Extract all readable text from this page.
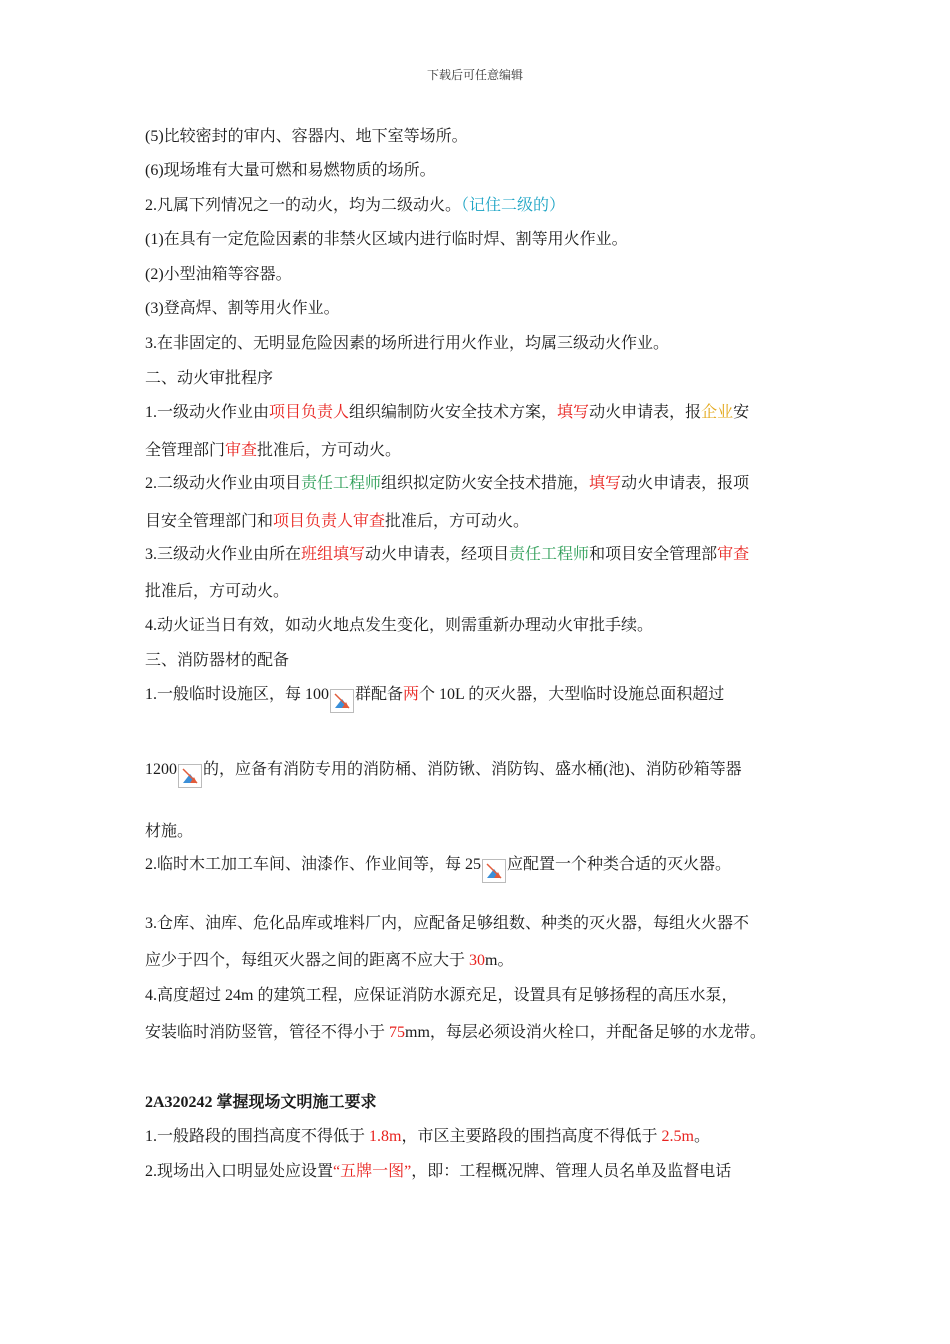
下载后可任意编辑
(5)比较密封的审内、容器内、地下室等场所。
(6)现场堆有大量可燃和易燃物质的场所。
2.凡属下列情况之一的动火，均为二级动火。（记住二级的）
(1)在具有一定危险因素的非禁火区域内进行临时焊、割等用火作业。
(2)小型油箱等容器。
(3)登高焊、割等用火作业。
3.在非固定的、无明显危险因素的场所进行用火作业，均属三级动火作业。
二、动火审批程序
1.一级动火作业由项目负责人组织编制防火安全技术方案，填写动火申请表，报企业安
全管理部门审查批准后，方可动火。
2.二级动火作业由项目责任工程师组织拟定防火安全技术措施，填写动火申请表，报项
目安全管理部门和项目负责人审查批准后，方可动火。
3.三级动火作业由所在班组填写动火申请表，经项目责任工程师和项目安全管理部审查
批准后，方可动火。
4.动火证当日有效，如动火地点发生变化，则需重新办理动火审批手续。
三、消防器材的配备
1.一般临时设施区，每 100 群配备两个 10L 的灭火器，大型临时设施总面积超过
1200 的，应备有消防专用的消防桶、消防锹、消防钩、盛水桶(池)、消防砂箱等器
材施。
2.临时木工加工车间、油漆作、作业间等，每 25 应配置一个种类合适的灭火器。
3.仓库、油库、危化品库或堆料厂内，应配备足够组数、种类的灭火器，每组火火器不
应少于四个，每组灭火器之间的距离不应大于 30m。
4.高度超过 24m 的建筑工程，应保证消防水源充足，设置具有足够扬程的高压水泵，
安装临时消防竖管，管径不得小于 75mm，每层必须设消火栓口，并配备足够的水龙带。
2A320242 掌握现场文明施工要求
1.一般路段的围挡高度不得低于 1.8m，市区主要路段的围挡高度不得低于 2.5m。
2.现场出入口明显处应设置“五牌一图”，即：工程概况牌、管理人员名单及监督电话
